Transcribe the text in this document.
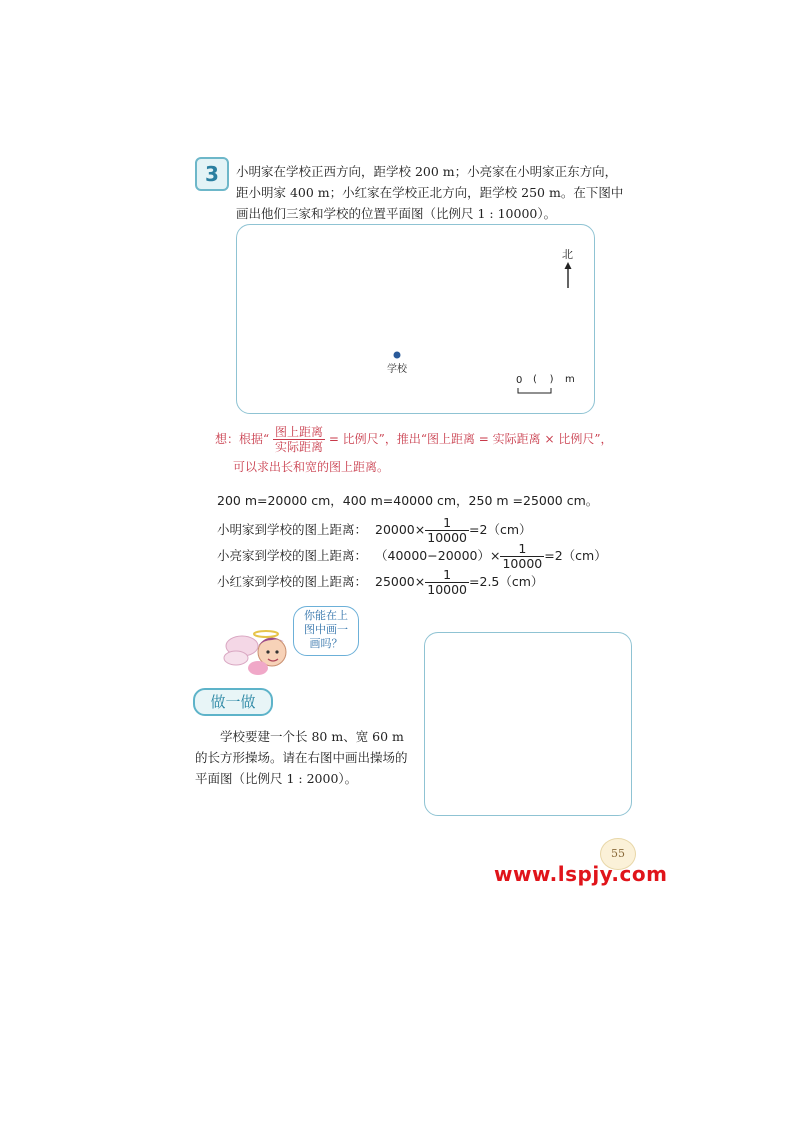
3	小明家在学校正西方向，距学校 200 m；小亮家在小明家正东方向，
距小明家 400 m；小红家在学校正北方向，距学校 250 m。在下图中
画出他们三家和学校的位置平面图（比例尺 1 : 10000）。
北
学校
0 (    ) m
想：根据“ $\frac{\text{图上距离}}{\text{实际距离}}$ = 比例尺”，推出“图上距离 = 实际距离 × 比例尺”，
可以求出长和宽的图上距离。
200 m=20000 cm，400 m=40000 cm，250 m =25000 cm。
小明家到学校的图上距离： $20000\times \frac{1}{10000} =2(cm)$
小亮家到学校的图上距离： $(40000-20000)\times \frac{1}{10000} =2(cm)$
小红家到学校的图上距离： $25000\times \frac{1}{10000} =2.5(cm)$
你能在上
图中画一
画吗？
做一做
学校要建一个长 80 m、宽 60 m 的长方形操场。请在右图中画出操场的平面图（比例尺 1 : 2000）。
55
www.lspjy.com
